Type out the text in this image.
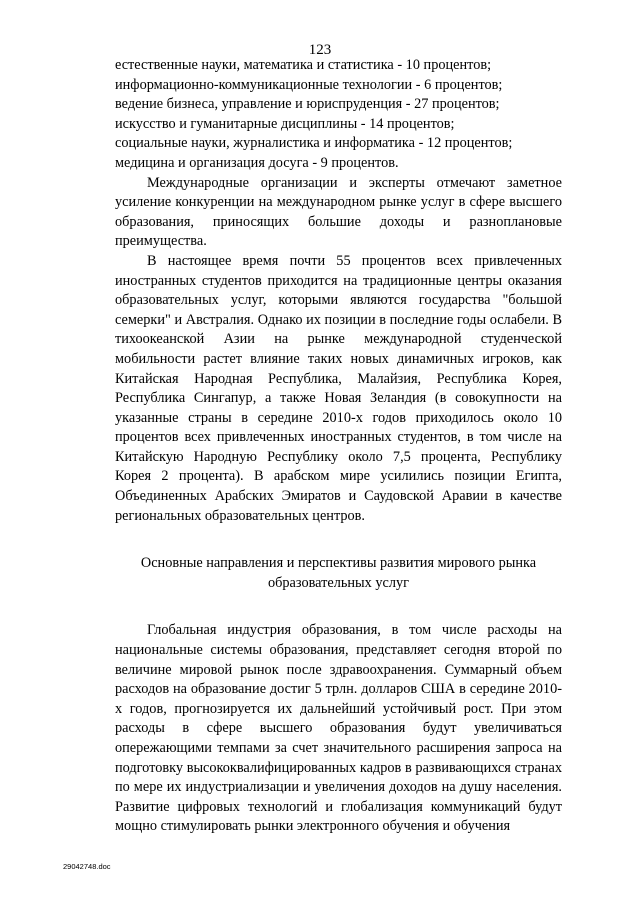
123
естественные науки, математика и статистика - 10 процентов;
информационно-коммуникационные технологии - 6 процентов;
ведение бизнеса, управление и юриспруденция - 27 процентов;
искусство и гуманитарные дисциплины - 14 процентов;
социальные науки, журналистика и информатика - 12 процентов;
медицина и организация досуга - 9 процентов.

Международные организации и эксперты отмечают заметное усиление конкуренции на международном рынке услуг в сфере высшего образования, приносящих большие доходы и разноплановые преимущества.

В настоящее время почти 55 процентов всех привлеченных иностранных студентов приходится на традиционные центры оказания образовательных услуг, которыми являются государства "большой семерки" и Австралия. Однако их позиции в последние годы ослабели. В тихоокеанской Азии на рынке международной студенческой мобильности растет влияние таких новых динамичных игроков, как Китайская Народная Республика, Малайзия, Республика Корея, Республика Сингапур, а также Новая Зеландия (в совокупности на указанные страны в середине 2010-х годов приходилось около 10 процентов всех привлеченных иностранных студентов, в том числе на Китайскую Народную Республику около 7,5 процента, Республику Корея 2 процента). В арабском мире усилились позиции Египта, Объединенных Арабских Эмиратов и Саудовской Аравии в качестве региональных образовательных центров.

Основные направления и перспективы развития мирового рынка
образовательных услуг

Глобальная индустрия образования, в том числе расходы на национальные системы образования, представляет сегодня второй по величине мировой рынок после здравоохранения. Суммарный объем расходов на образование достиг 5 трлн. долларов США в середине 2010-х годов, прогнозируется их дальнейший устойчивый рост. При этом расходы в сфере высшего образования будут увеличиваться опережающими темпами за счет значительного расширения запроса на подготовку высококвалифицированных кадров в развивающихся странах по мере их индустриализации и увеличения доходов на душу населения. Развитие цифровых технологий и глобализация коммуникаций будут мощно стимулировать рынки электронного обучения и обучения

29042748.doc
